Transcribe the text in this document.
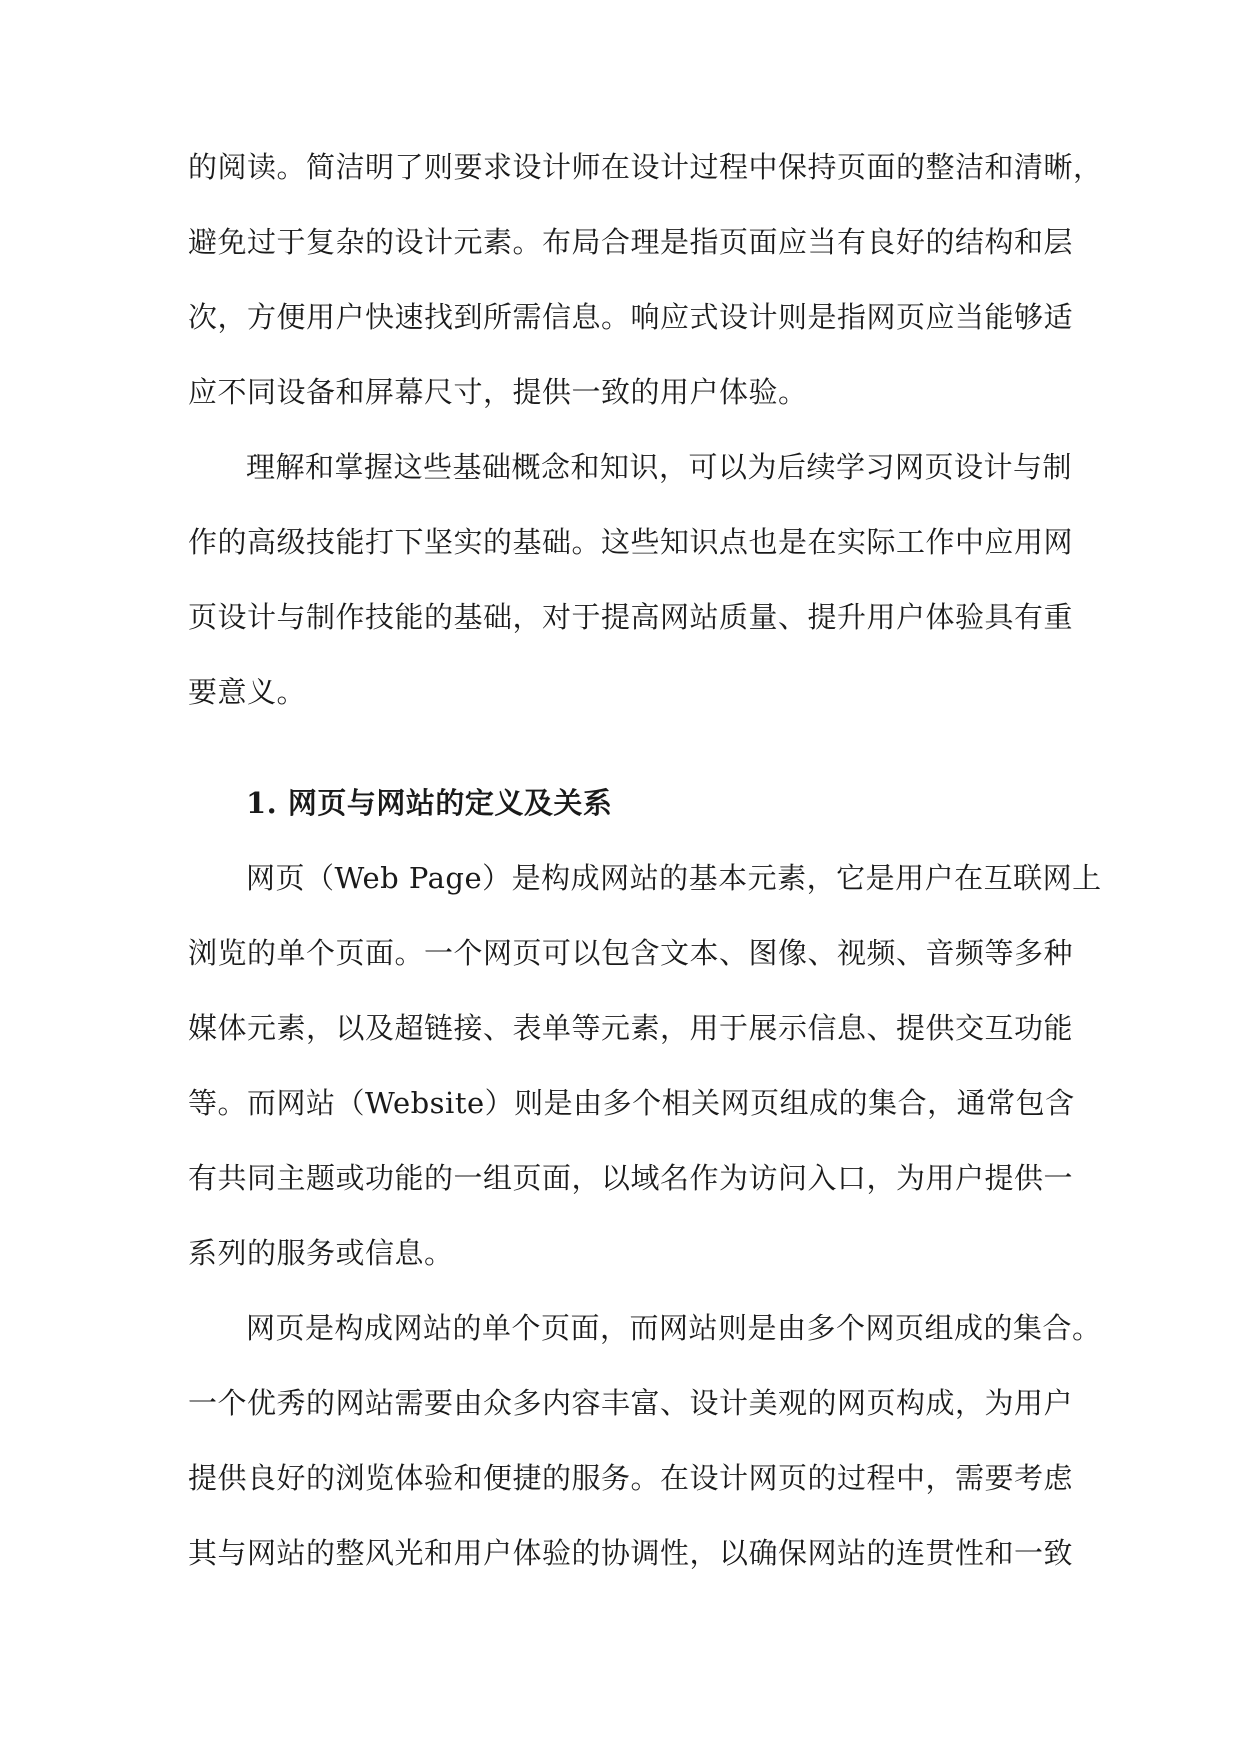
的阅读。简洁明了则要求设计师在设计过程中保持页面的整洁和清晰，
避免过于复杂的设计元素。布局合理是指页面应当有良好的结构和层
次，方便用户快速找到所需信息。响应式设计则是指网页应当能够适
应不同设备和屏幕尺寸，提供一致的用户体验。
理解和掌握这些基础概念和知识，可以为后续学习网页设计与制
作的高级技能打下坚实的基础。这些知识点也是在实际工作中应用网
页设计与制作技能的基础，对于提高网站质量、提升用户体验具有重
要意义。
1. 网页与网站的定义及关系
网页（Web Page）是构成网站的基本元素，它是用户在互联网上
浏览的单个页面。一个网页可以包含文本、图像、视频、音频等多种
媒体元素，以及超链接、表单等元素，用于展示信息、提供交互功能
等。而网站（Website）则是由多个相关网页组成的集合，通常包含
有共同主题或功能的一组页面，以域名作为访问入口，为用户提供一
系列的服务或信息。
网页是构成网站的单个页面，而网站则是由多个网页组成的集合。
一个优秀的网站需要由众多内容丰富、设计美观的网页构成，为用户
提供良好的浏览体验和便捷的服务。在设计网页的过程中，需要考虑
其与网站的整风光和用户体验的协调性，以确保网站的连贯性和一致
